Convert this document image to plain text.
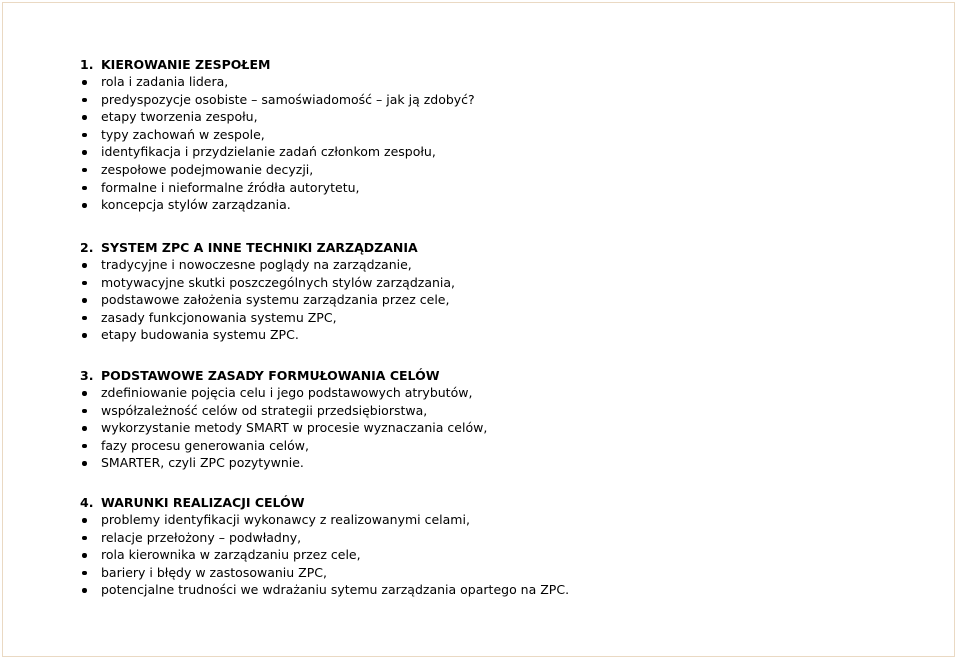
1. KIEROWANIE ZESPOŁEM
rola i zadania lidera,
predyspozycje osobiste – samoświadomość – jak ją zdobyć?
etapy tworzenia zespołu,
typy zachowań w zespole,
identyfikacja i przydzielanie zadań członkom zespołu,
zespołowe podejmowanie decyzji,
formalne i nieformalne źródła autorytetu,
koncepcja stylów zarządzania.
2. SYSTEM ZPC A INNE TECHNIKI ZARZĄDZANIA
tradycyjne i nowoczesne poglądy na zarządzanie,
motywacyjne skutki poszczególnych stylów zarządzania,
podstawowe założenia systemu zarządzania przez cele,
zasady funkcjonowania systemu ZPC,
etapy budowania systemu ZPC.
3. PODSTAWOWE ZASADY FORMUŁOWANIA CELÓW
zdefiniowanie pojęcia celu i jego podstawowych atrybutów,
współzależność celów od strategii przedsiębiorstwa,
wykorzystanie metody SMART w procesie wyznaczania celów,
fazy procesu generowania celów,
SMARTER, czyli ZPC pozytywnie.
4. WARUNKI REALIZACJI CELÓW
problemy identyfikacji wykonawcy z realizowanymi celami,
relacje przełożony – podwładny,
rola kierownika w zarządzaniu przez cele,
bariery i błędy w zastosowaniu ZPC,
potencjalne trudności we wdrażaniu sytemu zarządzania opartego na ZPC.
